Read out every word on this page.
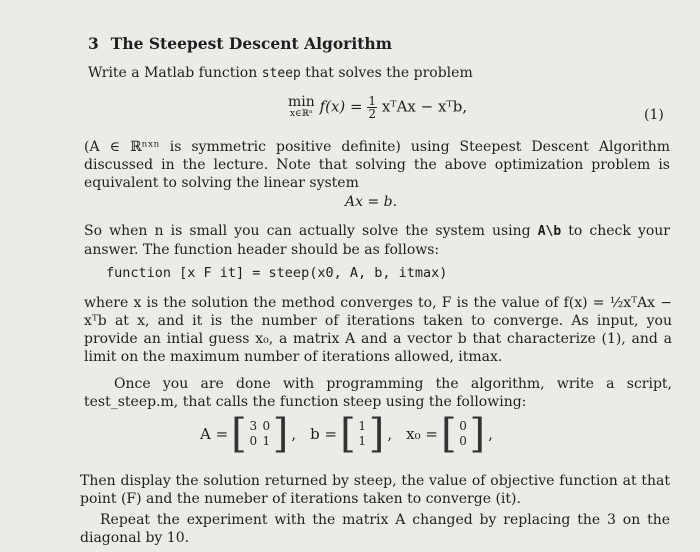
3 The Steepest Descent Algorithm
Write a Matlab function steep that solves the problem
min
x∈ℝⁿ $f(x) = \frac{1}{2}$ xᵀAx − xᵀb,	(1)
(A ∈ ℝⁿˣⁿ is symmetric positive definite) using Steepest Descent Algorithm discussed in the lecture. Note that solving the above optimization problem is equivalent to solving the linear system
Ax = b.
So when n is small you can actually solve the system using A\b to check your answer. The function header should be as follows:
function [x F it] = steep(x0, A, b, itmax)
where x is the solution the method converges to, F is the value of f(x) = ½xᵀAx − xᵀb at x, and it is the number of iterations taken to converge. As input, you provide an intial guess x₀, a matrix A and a vector b that characterize (1), and a limit on the maximum number of iterations allowed, itmax.
Once you are done with programming the algorithm, write a script, test_steep.m, that calls the function steep using the following:
A = [ 3 0
0 1 ] , b = [ 1
1 ] , x₀ = [ 0
0 ] ,
Then display the solution returned by steep, the value of objective function at that point (F) and the numeber of iterations taken to converge (it).
Repeat the experiment with the matrix A changed by replacing the 3 on the diagonal by 10.
